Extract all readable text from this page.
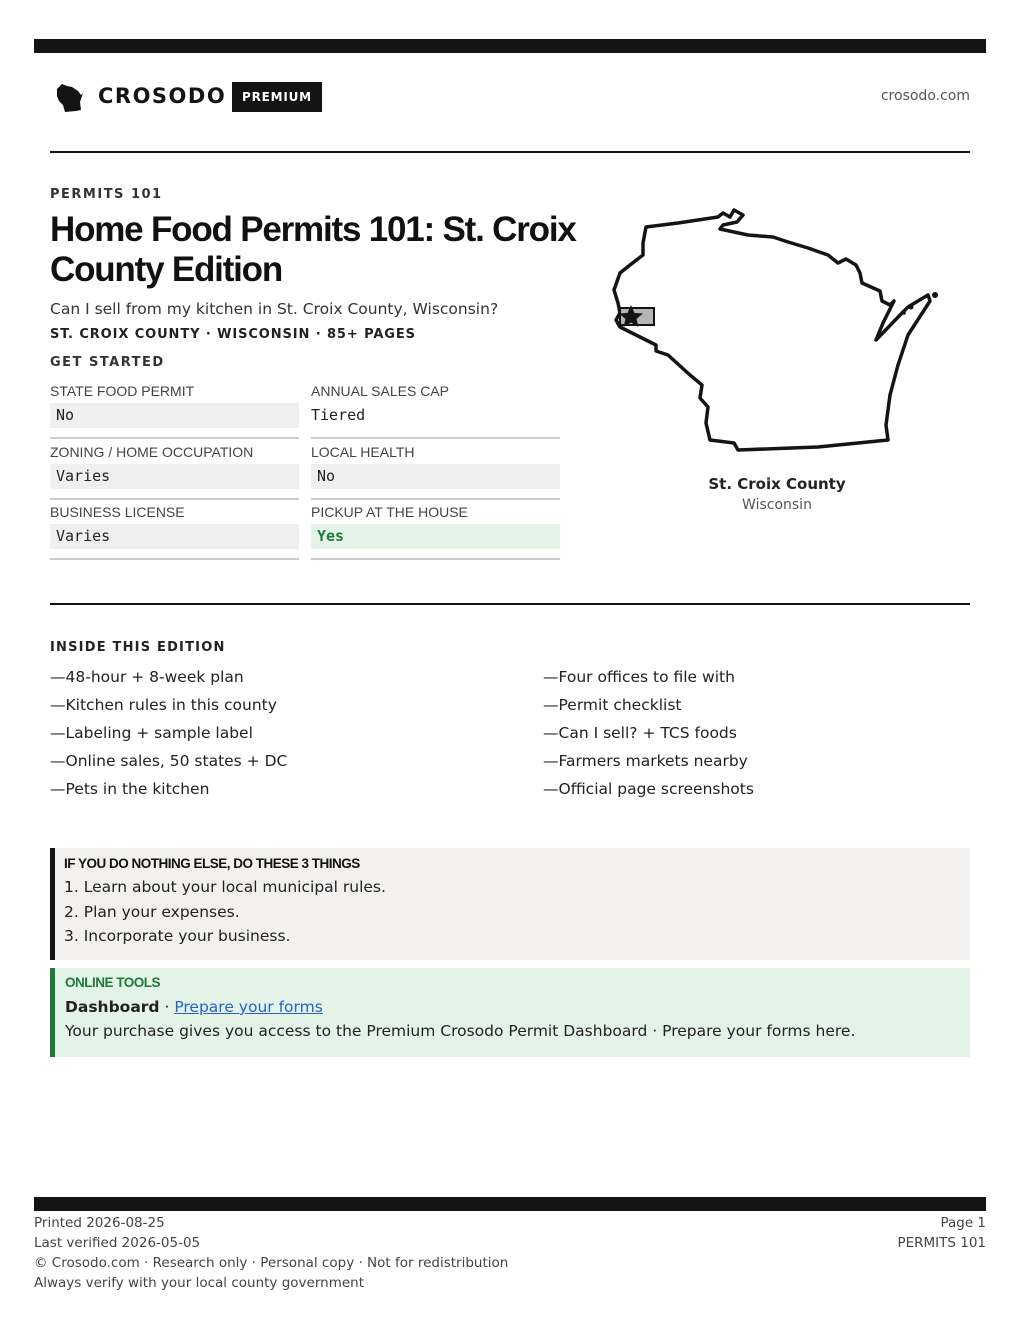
CROSODO	PREMIUM	crosodo.com
PERMITS 101
Home Food Permits 101: St. Croix County Edition
Can I sell from my kitchen in St. Croix County, Wisconsin?
ST. CROIX COUNTY · WISCONSIN · 85+ PAGES
GET STARTED
STATE FOOD PERMIT
No
ANNUAL SALES CAP
Tiered
ZONING / HOME OCCUPATION
Varies
LOCAL HEALTH
No
BUSINESS LICENSE
Varies
PICKUP AT THE HOUSE
Yes
St. Croix County
Wisconsin
INSIDE THIS EDITION
—48-hour + 8-week plan
—Kitchen rules in this county
—Labeling + sample label
—Online sales, 50 states + DC
—Pets in the kitchen
—Four offices to file with
—Permit checklist
—Can I sell? + TCS foods
—Farmers markets nearby
—Official page screenshots
IF YOU DO NOTHING ELSE, DO THESE 3 THINGS
1. Learn about your local municipal rules.
2. Plan your expenses.
3. Incorporate your business.
ONLINE TOOLS
Dashboard · Prepare your forms
Your purchase gives you access to the Premium Crosodo Permit Dashboard · Prepare your forms here.
Printed 2026-08-25
Last verified 2026-05-05
© Crosodo.com · Research only · Personal copy · Not for redistribution
Always verify with your local county government
Page 1
PERMITS 101
